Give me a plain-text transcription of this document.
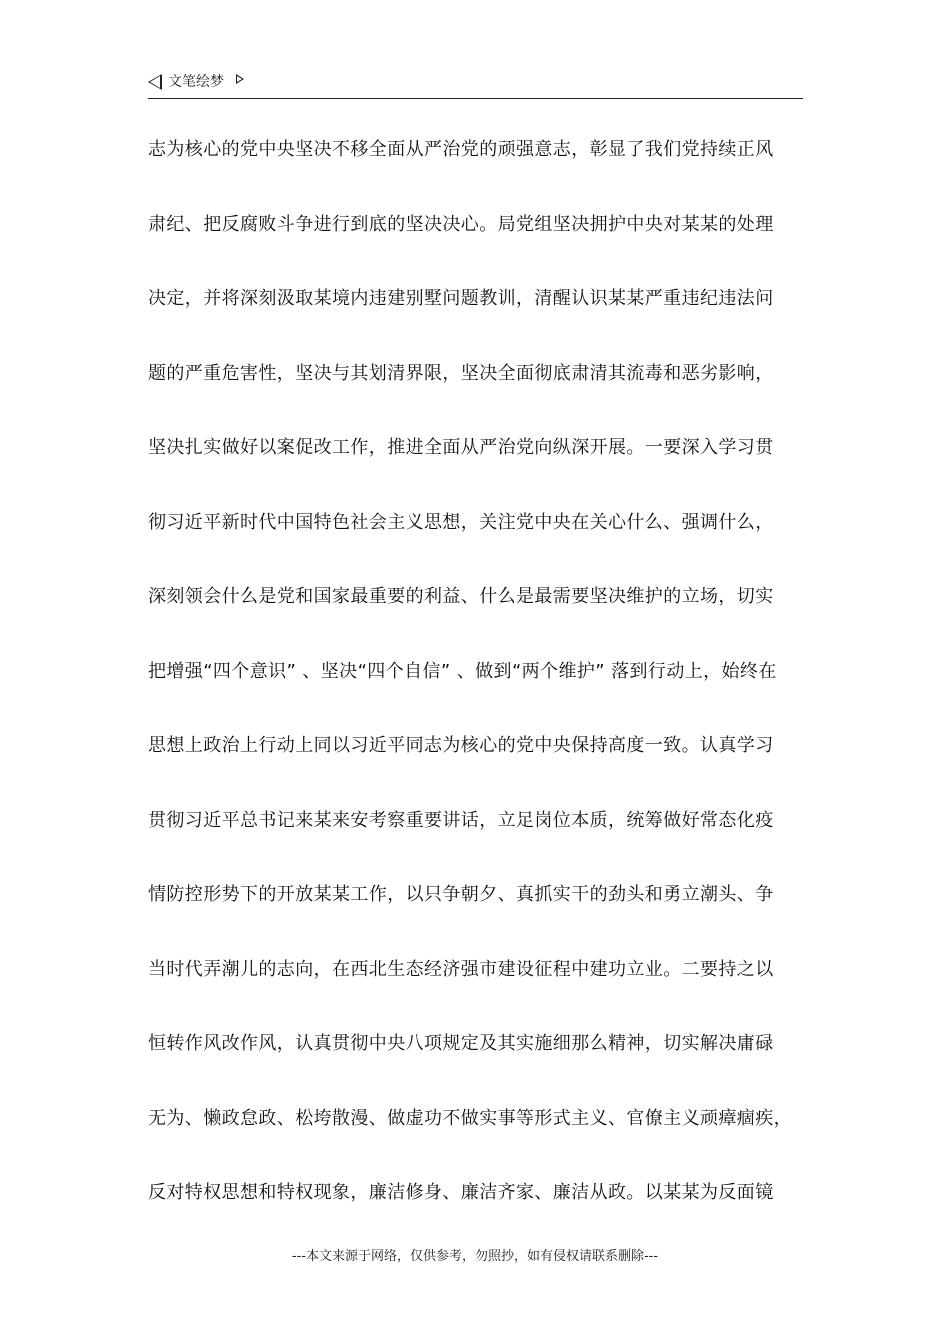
文笔绘梦
志为核心的党中央坚决不移全面从严治党的顽强意志，彰显了我们党持续正风
肃纪、把反腐败斗争进行到底的坚决决心。局党组坚决拥护中央对某某的处理
决定，并将深刻汲取某境内违建别墅问题教训，清醒认识某某严重违纪违法问
题的严重危害性，坚决与其划清界限，坚决全面彻底肃清其流毒和恶劣影响，
坚决扎实做好以案促改工作，推进全面从严治党向纵深开展。一要深入学习贯
彻习近平新时代中国特色社会主义思想，关注党中央在关心什么、强调什么，
深刻领会什么是党和国家最重要的利益、什么是最需要坚决维护的立场，切实
把增强“四个意识” 、坚决“四个自信” 、做到“两个维护” 落到行动上，始终在
思想上政治上行动上同以习近平同志为核心的党中央保持高度一致。认真学习
贯彻习近平总书记来某来安考察重要讲话，立足岗位本质，统筹做好常态化疫
情防控形势下的开放某某工作，以只争朝夕、真抓实干的劲头和勇立潮头、争
当时代弄潮儿的志向，在西北生态经济强市建设征程中建功立业。二要持之以
恒转作风改作风，认真贯彻中央八项规定及其实施细那么精神，切实解决庸碌
无为、懒政怠政、松垮散漫、做虚功不做实事等形式主义、官僚主义顽瘴痼疾，
反对特权思想和特权现象，廉洁修身、廉洁齐家、廉洁从政。以某某为反面镜
---本文来源于网络，仅供参考，勿照抄，如有侵权请联系删除---
